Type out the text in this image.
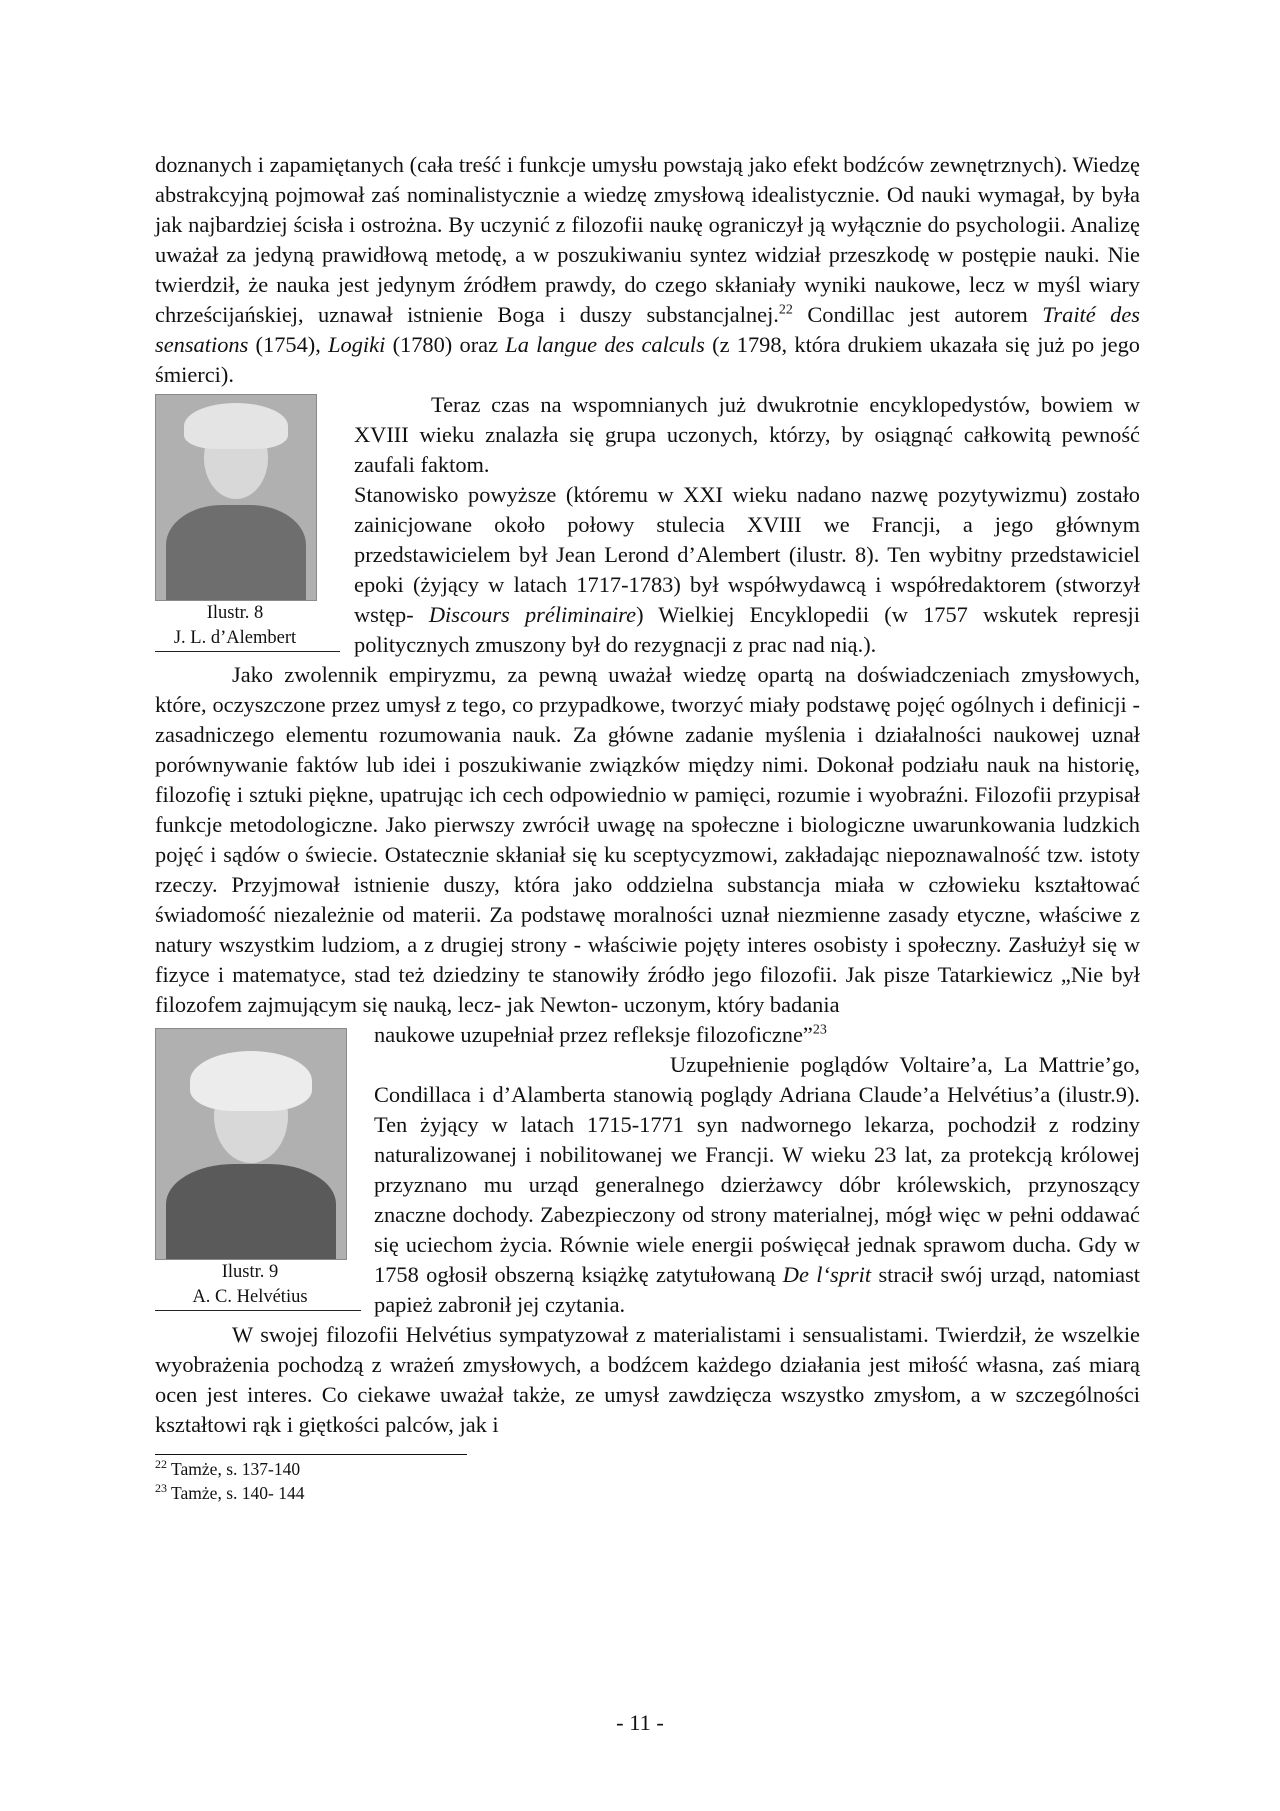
doznanych i zapamiętanych (cała treść i funkcje umysłu powstają jako efekt bodźców zewnętrznych). Wiedzę abstrakcyjną pojmował zaś nominalistycznie a wiedzę zmysłową idealistycznie. Od nauki wymagał, by była jak najbardziej ścisła i ostrożna. By uczynić z filozofii naukę ograniczył ją wyłącznie do psychologii. Analizę uważał za jedyną prawidłową metodę, a w poszukiwaniu syntez widział przeszkodę w postępie nauki. Nie twierdził, że nauka jest jedynym źródłem prawdy, do czego skłaniały wyniki naukowe, lecz w myśl wiary chrześcijańskiej, uznawał istnienie Boga i duszy substancjalnej.$^{22}$ Condillac jest autorem Traité des sensations (1754), Logiki (1780) oraz La langue des calculs (z 1798, która drukiem ukazała się już po jego śmierci).

Ilustr. 8
J. L. d’Alembert

Teraz czas na wspomnianych już dwukrotnie encyklopedystów, bowiem w XVIII wieku znalazła się grupa uczonych, którzy, by osiągnąć całkowitą pewność zaufali faktom.

Stanowisko powyższe (któremu w XXI wieku nadano nazwę pozytywizmu) zostało zainicjowane około połowy stulecia XVIII we Francji, a jego głównym przedstawicielem był Jean Lerond d’Alembert (ilustr. 8). Ten wybitny przedstawiciel epoki (żyjący w latach 1717-1783) był współwydawcą i współredaktorem (stworzył wstęp- Discours préliminaire) Wielkiej Encyklopedii (w 1757 wskutek represji politycznych zmuszony był do rezygnacji z prac nad nią.).

Jako zwolennik empiryzmu, za pewną uważał wiedzę opartą na doświadczeniach zmysłowych, które, oczyszczone przez umysł z tego, co przypadkowe, tworzyć miały podstawę pojęć ogólnych i definicji - zasadniczego elementu rozumowania nauk. Za główne zadanie myślenia i działalności naukowej uznał porównywanie faktów lub idei i poszukiwanie związków między nimi. Dokonał podziału nauk na historię, filozofię i sztuki piękne, upatrując ich cech odpowiednio w pamięci, rozumie i wyobraźni. Filozofii przypisał funkcje metodologiczne. Jako pierwszy zwrócił uwagę na społeczne i biologiczne uwarunkowania ludzkich pojęć i sądów o świecie. Ostatecznie skłaniał się ku sceptycyzmowi, zakładając niepoznawalność tzw. istoty rzeczy. Przyjmował istnienie duszy, która jako oddzielna substancja miała w człowieku kształtować świadomość niezależnie od materii. Za podstawę moralności uznał niezmienne zasady etyczne, właściwe z natury wszystkim ludziom, a z drugiej strony - właściwie pojęty interes osobisty i społeczny. Zasłużył się w fizyce i matematyce, stad też dziedziny te stanowiły źródło jego filozofii. Jak pisze Tatarkiewicz „Nie był filozofem zajmującym się nauką, lecz- jak Newton- uczonym, który badania

Ilustr. 9
A. C. Helvétius

naukowe uzupełniał przez refleksje filozoficzne”$^{23}$

Uzupełnienie poglądów Voltaire’a, La Mattrie’go, Condillaca i d’Alamberta stanowią poglądy Adriana Claude’a Helvétius’a (ilustr.9). Ten żyjący w latach 1715-1771 syn nadwornego lekarza, pochodził z rodziny naturalizowanej i nobilitowanej we Francji. W wieku 23 lat, za protekcją królowej przyznano mu urząd generalnego dzierżawcy dóbr królewskich, przynoszący znaczne dochody. Zabezpieczony od strony materialnej, mógł więc w pełni oddawać się uciechom życia. Równie wiele energii poświęcał jednak sprawom ducha. Gdy w 1758 ogłosił obszerną książkę zatytułowaną De l‘sprit stracił swój urząd, natomiast papież zabronił jej czytania.

W swojej filozofii Helvétius sympatyzował z materialistami i sensualistami. Twierdził, że wszelkie wyobrażenia pochodzą z wrażeń zmysłowych, a bodźcem każdego działania jest miłość własna, zaś miarą ocen jest interes. Co ciekawe uważał także, ze umysł zawdzięcza wszystko zmysłom, a w szczególności kształtowi rąk i giętkości palców, jak i

$^{22}$ Tamże, s. 137-140
$^{23}$ Tamże, s. 140- 144
- 11 -
